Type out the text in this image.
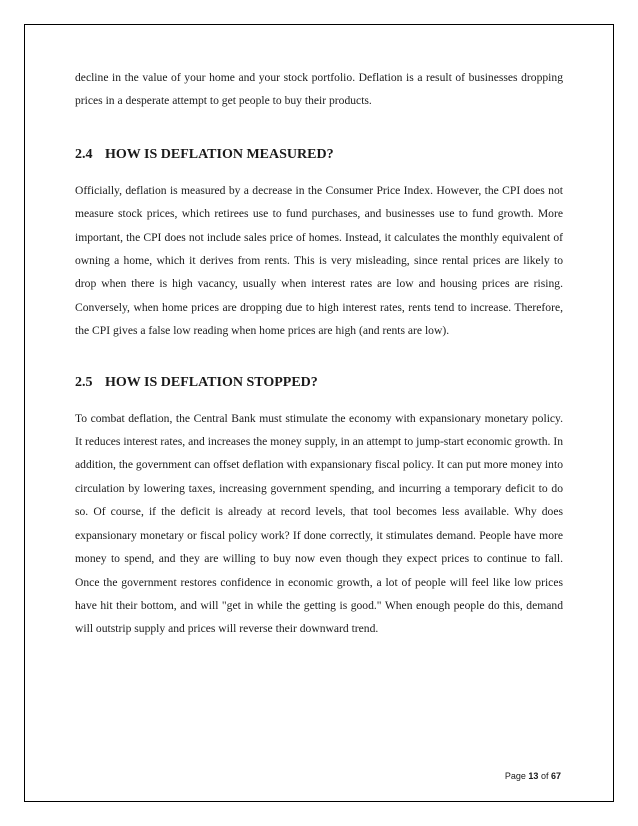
decline in the value of your home and your stock portfolio. Deflation is a result of businesses dropping prices in a desperate attempt to get people to buy their products.

2.4 HOW IS DEFLATION MEASURED?

Officially, deflation is measured by a decrease in the Consumer Price Index. However, the CPI does not measure stock prices, which retirees use to fund purchases, and businesses use to fund growth. More important, the CPI does not include sales price of homes. Instead, it calculates the monthly equivalent of owning a home, which it derives from rents. This is very misleading, since rental prices are likely to drop when there is high vacancy, usually when interest rates are low and housing prices are rising. Conversely, when home prices are dropping due to high interest rates, rents tend to increase. Therefore, the CPI gives a false low reading when home prices are high (and rents are low).

2.5 HOW IS DEFLATION STOPPED?

To combat deflation, the Central Bank must stimulate the economy with expansionary monetary policy. It reduces interest rates, and increases the money supply, in an attempt to jump-start economic growth. In addition, the government can offset deflation with expansionary fiscal policy. It can put more money into circulation by lowering taxes, increasing government spending, and incurring a temporary deficit to do so. Of course, if the deficit is already at record levels, that tool becomes less available. Why does expansionary monetary or fiscal policy work? If done correctly, it stimulates demand. People have more money to spend, and they are willing to buy now even though they expect prices to continue to fall. Once the government restores confidence in economic growth, a lot of people will feel like low prices have hit their bottom, and will "get in while the getting is good." When enough people do this, demand will outstrip supply and prices will reverse their downward trend.

Page 13 of 67
